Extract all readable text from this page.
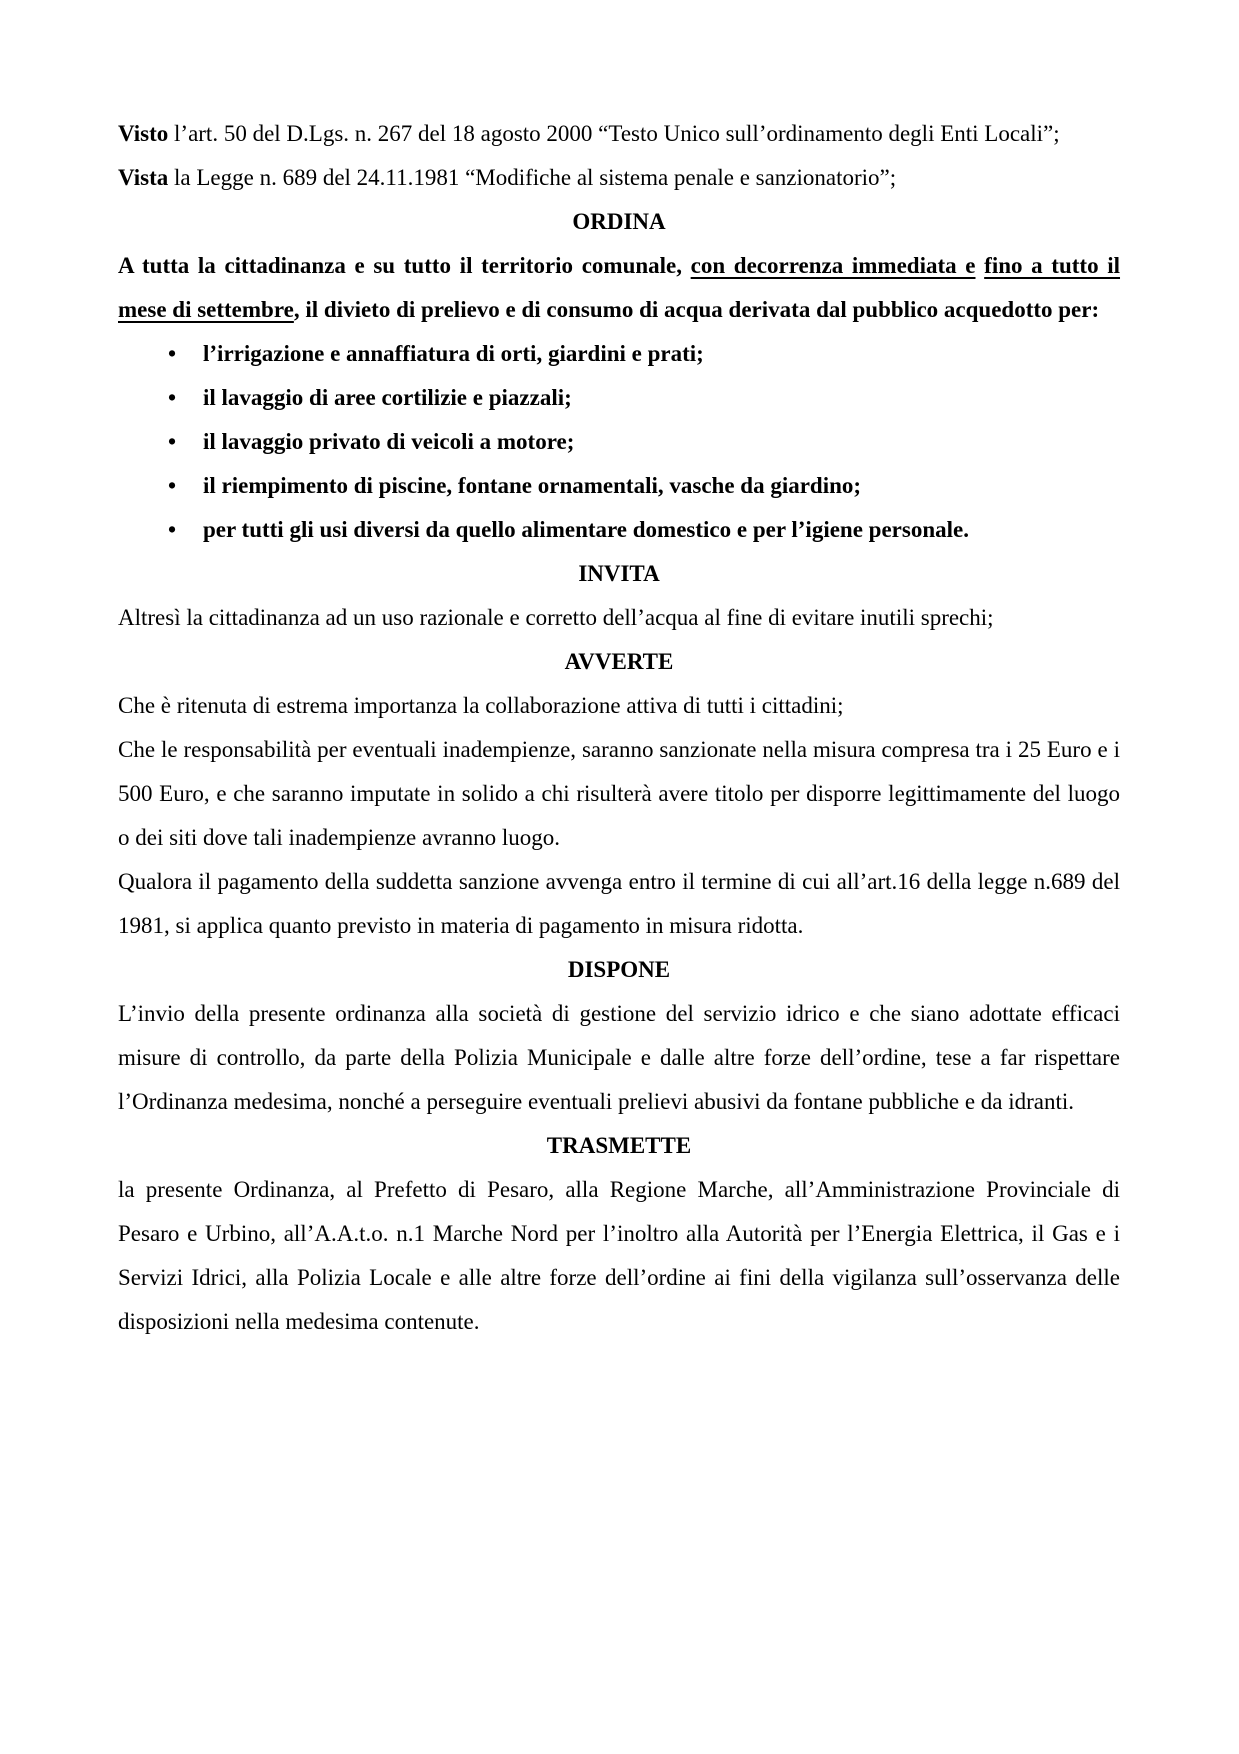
Visto l’art. 50 del D.Lgs. n. 267 del 18 agosto 2000 “Testo Unico sull’ordinamento degli Enti Locali”;

Vista la Legge n. 689 del 24.11.1981 “Modifiche al sistema penale e sanzionatorio”;

ORDINA

A tutta la cittadinanza e su tutto il territorio comunale, con decorrenza immediata e fino a tutto il mese di settembre, il divieto di prelievo e di consumo di acqua derivata dal pubblico acquedotto per:

• l’irrigazione e annaffiatura di orti, giardini e prati;
• il lavaggio di aree cortilizie e piazzali;
• il lavaggio privato di veicoli a motore;
• il riempimento di piscine, fontane ornamentali, vasche da giardino;
• per tutti gli usi diversi da quello alimentare domestico e per l’igiene personale.

INVITA

Altresì la cittadinanza ad un uso razionale e corretto dell’acqua al fine di evitare inutili sprechi;

AVVERTE

Che è ritenuta di estrema importanza la collaborazione attiva di tutti i cittadini;

Che le responsabilità per eventuali inadempienze, saranno sanzionate nella misura compresa tra i 25 Euro e i 500 Euro, e che saranno imputate in solido a chi risulterà avere titolo per disporre legittimamente del luogo o dei siti dove tali inadempienze avranno luogo.

Qualora il pagamento della suddetta sanzione avvenga entro il termine di cui all’art.16 della legge n.689 del 1981, si applica quanto previsto in materia di pagamento in misura ridotta.

DISPONE

L’invio della presente ordinanza alla società di gestione del servizio idrico e che siano adottate efficaci misure di controllo, da parte della Polizia Municipale e dalle altre forze dell’ordine, tese a far rispettare l’Ordinanza medesima, nonché a perseguire eventuali prelievi abusivi da fontane pubbliche e da idranti.

TRASMETTE

la presente Ordinanza, al Prefetto di Pesaro, alla Regione Marche, all’Amministrazione Provinciale di Pesaro e Urbino, all’A.A.t.o. n.1 Marche Nord per l’inoltro alla Autorità per l’Energia Elettrica, il Gas e i Servizi Idrici, alla Polizia Locale e alle altre forze dell’ordine ai fini della vigilanza sull’osservanza delle disposizioni nella medesima contenute.
